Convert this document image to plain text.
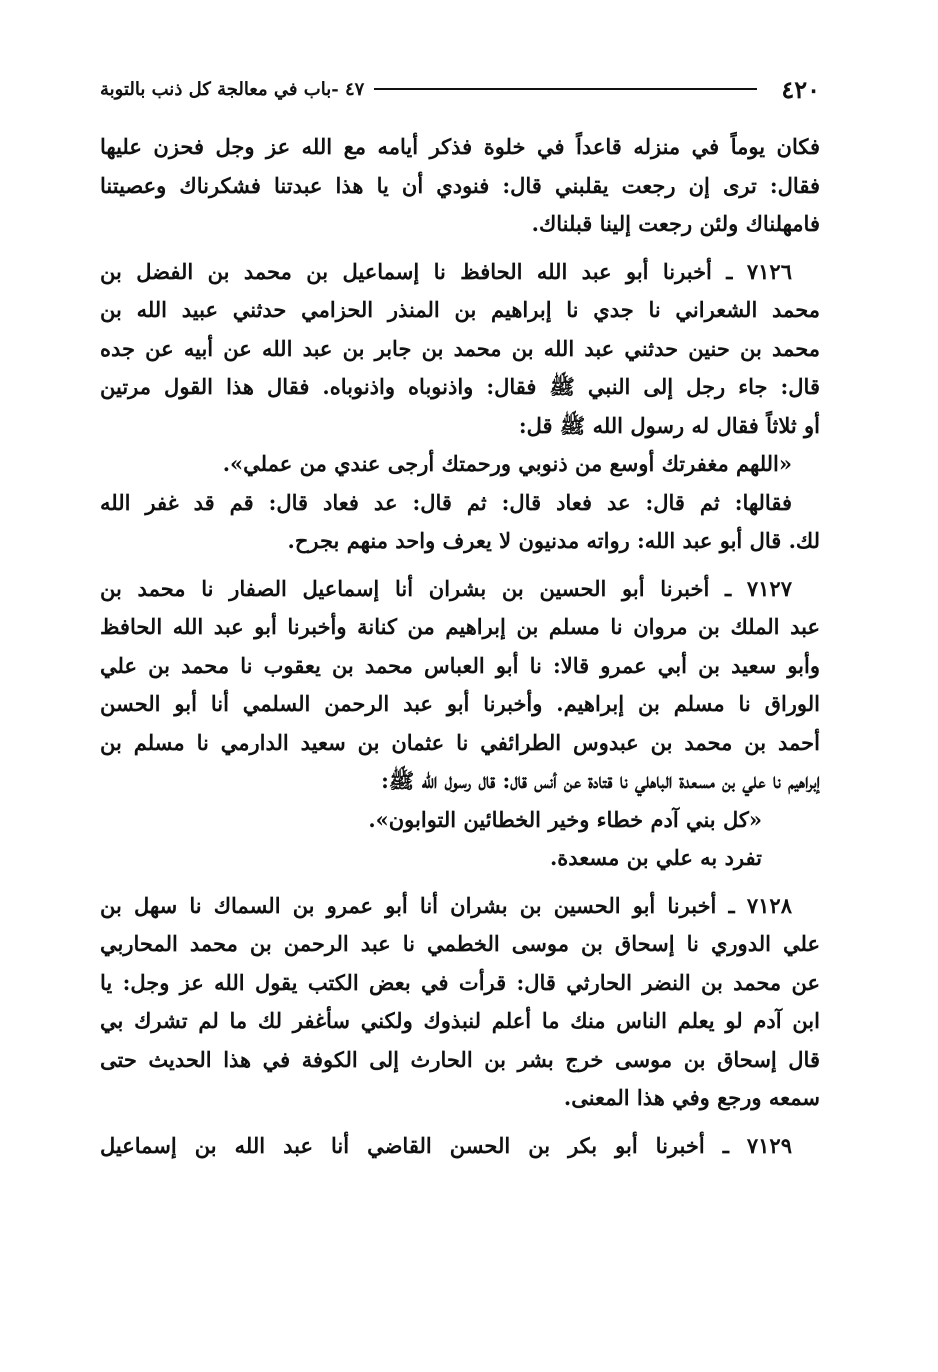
٤٢٠
٤٧ -باب في معالجة كل ذنب بالتوبة
فكان يوماً في منزله قاعداً في خلوة فذكر أيامه مع الله عز وجل فحزن عليها
فقال: ترى إن رجعت يقلبني قال: فنودي أن يا هذا عبدتنا فشكرناك وعصيتنا
فامهلناك ولئن رجعت إلينا قبلناك.
٧١٢٦ ـ أخبرنا أبو عبد الله الحافظ نا إسماعيل بن محمد بن الفضل بن
محمد الشعراني نا جدي نا إبراهيم بن المنذر الحزامي حدثني عبيد الله بن
محمد بن حنين حدثني عبد الله بن محمد بن جابر بن عبد الله عن أبيه عن جده
قال: جاء رجل إلى النبي ﷺ فقال: واذنوباه واذنوباه. فقال هذا القول مرتين
أو ثلاثاً فقال له رسول الله ﷺ قل:
«اللهم مغفرتك أوسع من ذنوبي ورحمتك أرجى عندي من عملي».
فقالها: ثم قال: عد فعاد قال: ثم قال: عد فعاد قال: قم قد غفر الله
لك. قال أبو عبد الله: رواته مدنيون لا يعرف واحد منهم بجرح.
٧١٢٧ ـ أخبرنا أبو الحسين بن بشران أنا إسماعيل الصفار نا محمد بن
عبد الملك بن مروان نا مسلم بن إبراهيم من كنانة وأخبرنا أبو عبد الله الحافظ
وأبو سعيد بن أبي عمرو قالا: نا أبو العباس محمد بن يعقوب نا محمد بن علي
الوراق نا مسلم بن إبراهيم. وأخبرنا أبو عبد الرحمن السلمي أنا أبو الحسن
أحمد بن محمد بن عبدوس الطرائفي نا عثمان بن سعيد الدارمي نا مسلم بن
إبراهيم نا علي بن مسعدة الباهلي نا قتادة عن أنس قال: قال رسول الله ﷺ:
«كل بني آدم خطاء وخير الخطائين التوابون».
تفرد به علي بن مسعدة.
٧١٢٨ ـ أخبرنا أبو الحسين بن بشران أنا أبو عمرو بن السماك نا سهل بن
علي الدوري نا إسحاق بن موسى الخطمي نا عبد الرحمن بن محمد المحاربي
عن محمد بن النضر الحارثي قال: قرأت في بعض الكتب يقول الله عز وجل: يا
ابن آدم لو يعلم الناس منك ما أعلم لنبذوك ولكني سأغفر لك ما لم تشرك بي
قال إسحاق بن موسى خرج بشر بن الحارث إلى الكوفة في هذا الحديث حتى
سمعه ورجع وفي هذا المعنى.
٧١٢٩ ـ أخبرنا أبو بكر بن الحسن القاضي أنا عبد الله بن إسماعيل
